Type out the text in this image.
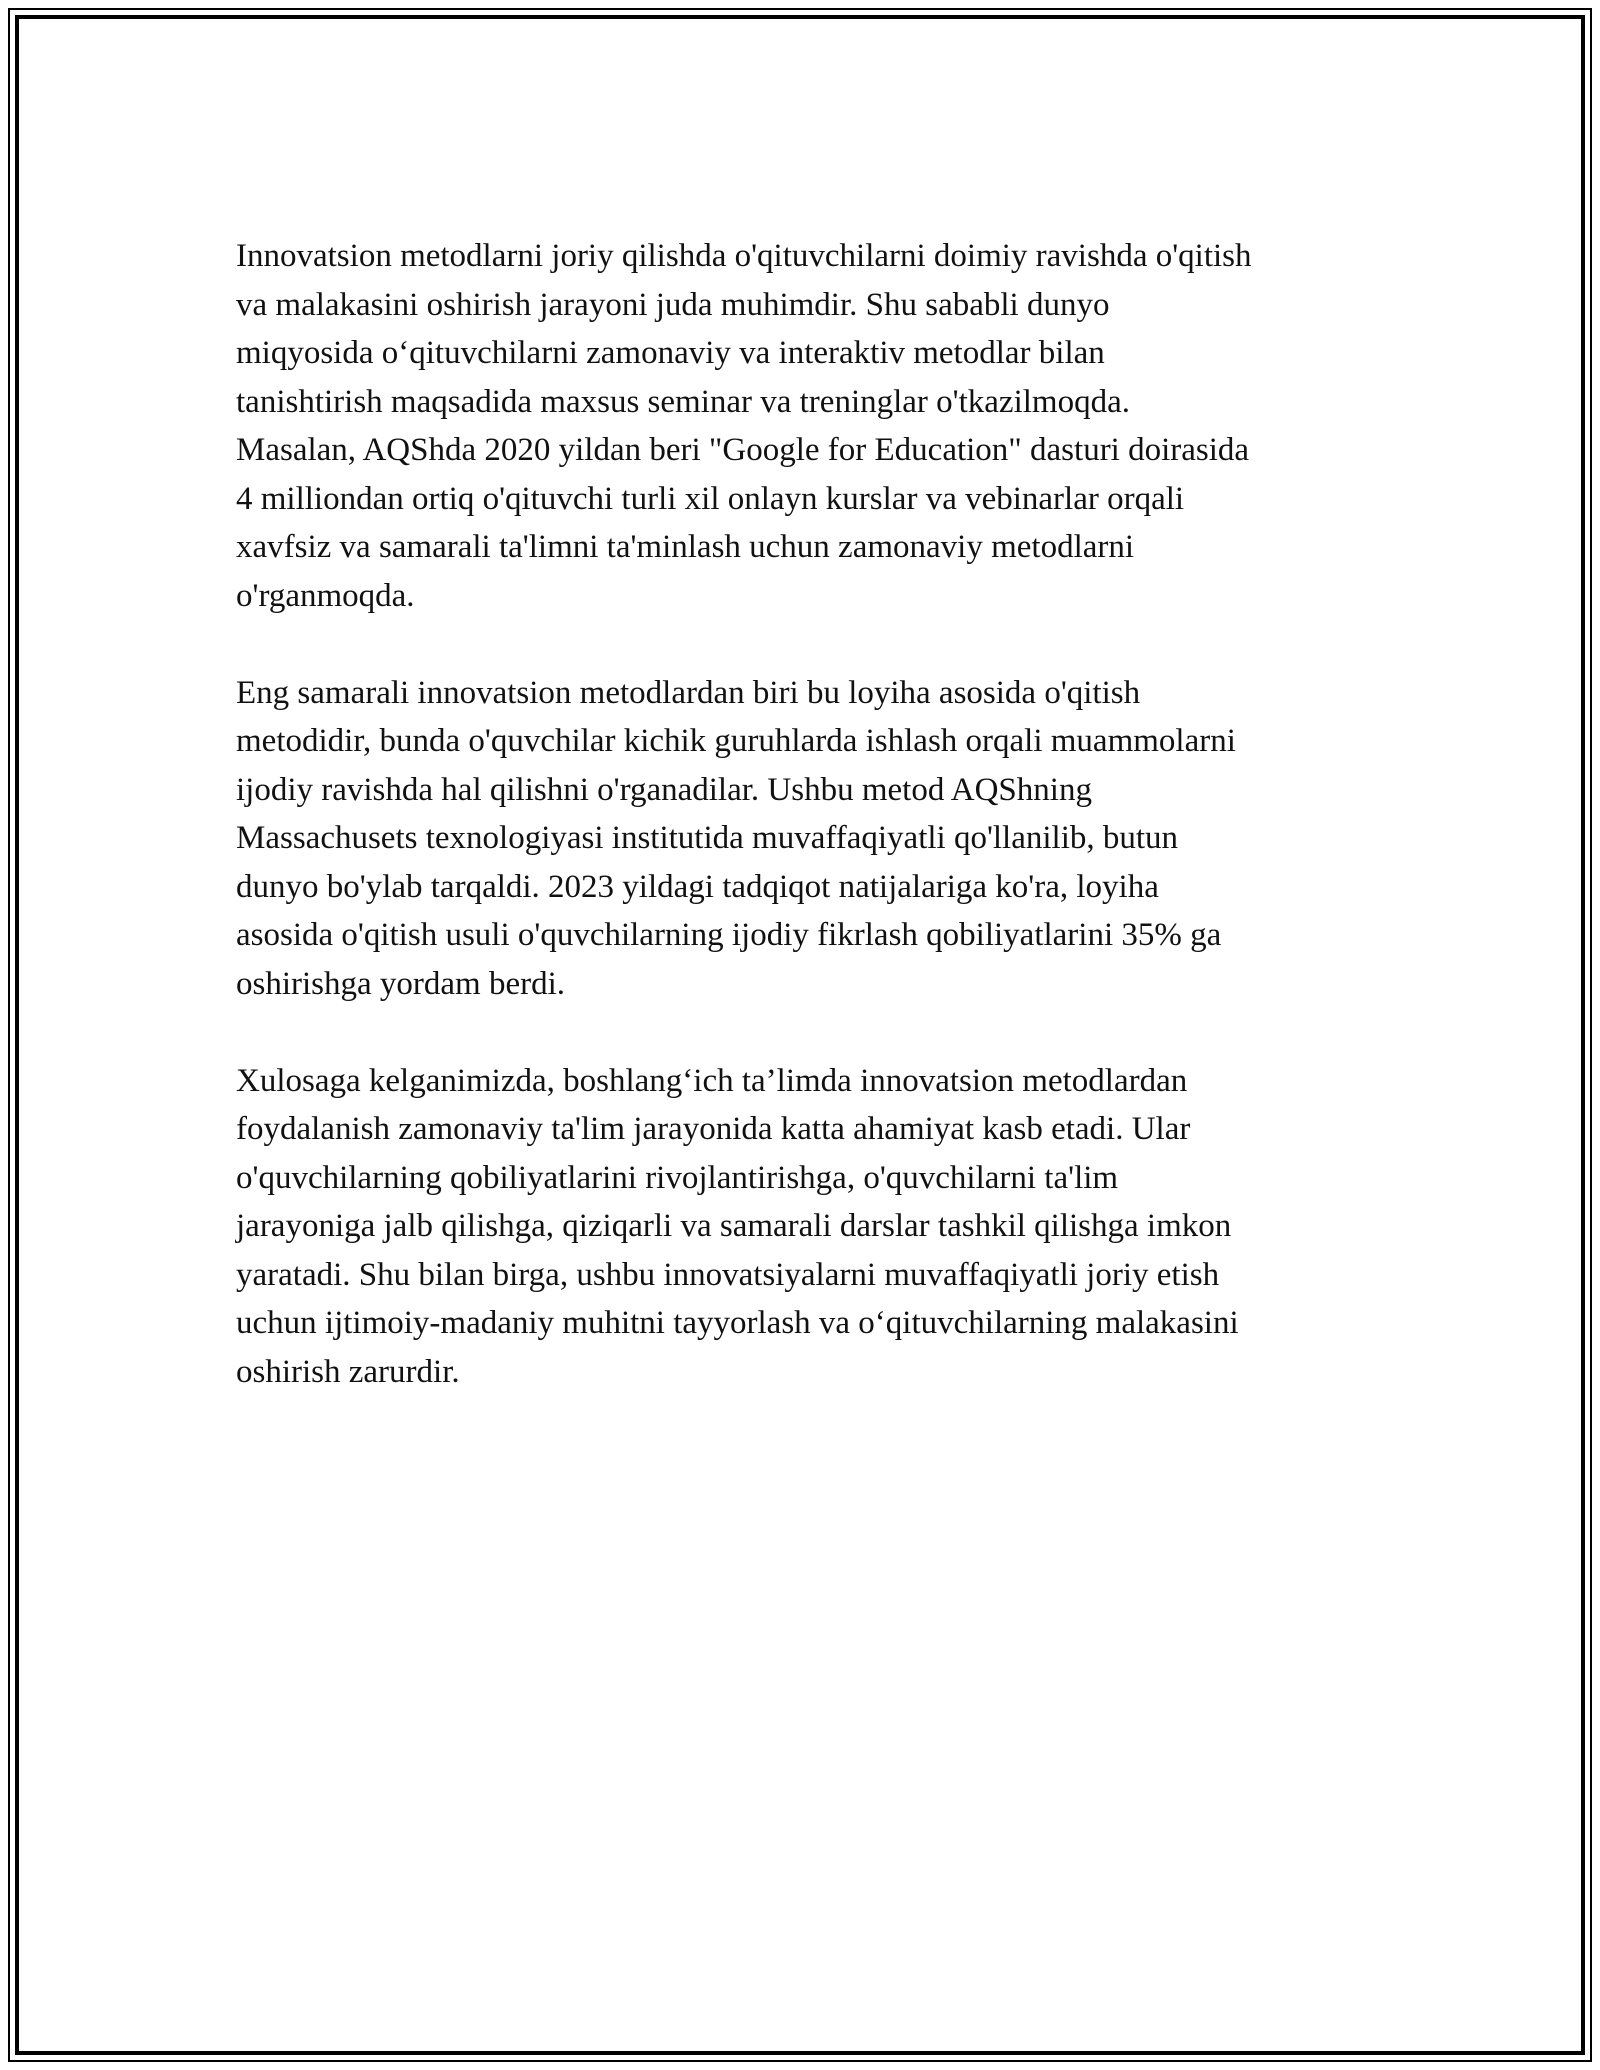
Innovatsion metodlarni joriy qilishda o'qituvchilarni doimiy ravishda o'qitish
va malakasini oshirish jarayoni juda muhimdir. Shu sababli dunyo
miqyosida o‘qituvchilarni zamonaviy va interaktiv metodlar bilan
tanishtirish maqsadida maxsus seminar va treninglar o'tkazilmoqda.
Masalan, AQShda 2020 yildan beri "Google for Education" dasturi doirasida
4 milliondan ortiq o'qituvchi turli xil onlayn kurslar va vebinarlar orqali
xavfsiz va samarali ta'limni ta'minlash uchun zamonaviy metodlarni
o'rganmoqda.

Eng samarali innovatsion metodlardan biri bu loyiha asosida o'qitish
metodidir, bunda o'quvchilar kichik guruhlarda ishlash orqali muammolarni
ijodiy ravishda hal qilishni o'rganadilar. Ushbu metod AQShning
Massachusets texnologiyasi institutida muvaffaqiyatli qo'llanilib, butun
dunyo bo'ylab tarqaldi. 2023 yildagi tadqiqot natijalariga ko'ra, loyiha
asosida o'qitish usuli o'quvchilarning ijodiy fikrlash qobiliyatlarini 35% ga
oshirishga yordam berdi.

Xulosaga kelganimizda, boshlang‘ich ta’limda innovatsion metodlardan
foydalanish zamonaviy ta'lim jarayonida katta ahamiyat kasb etadi. Ular
o'quvchilarning qobiliyatlarini rivojlantirishga, o'quvchilarni ta'lim
jarayoniga jalb qilishga, qiziqarli va samarali darslar tashkil qilishga imkon
yaratadi. Shu bilan birga, ushbu innovatsiyalarni muvaffaqiyatli joriy etish
uchun ijtimoiy-madaniy muhitni tayyorlash va o‘qituvchilarning malakasini
oshirish zarurdir.
